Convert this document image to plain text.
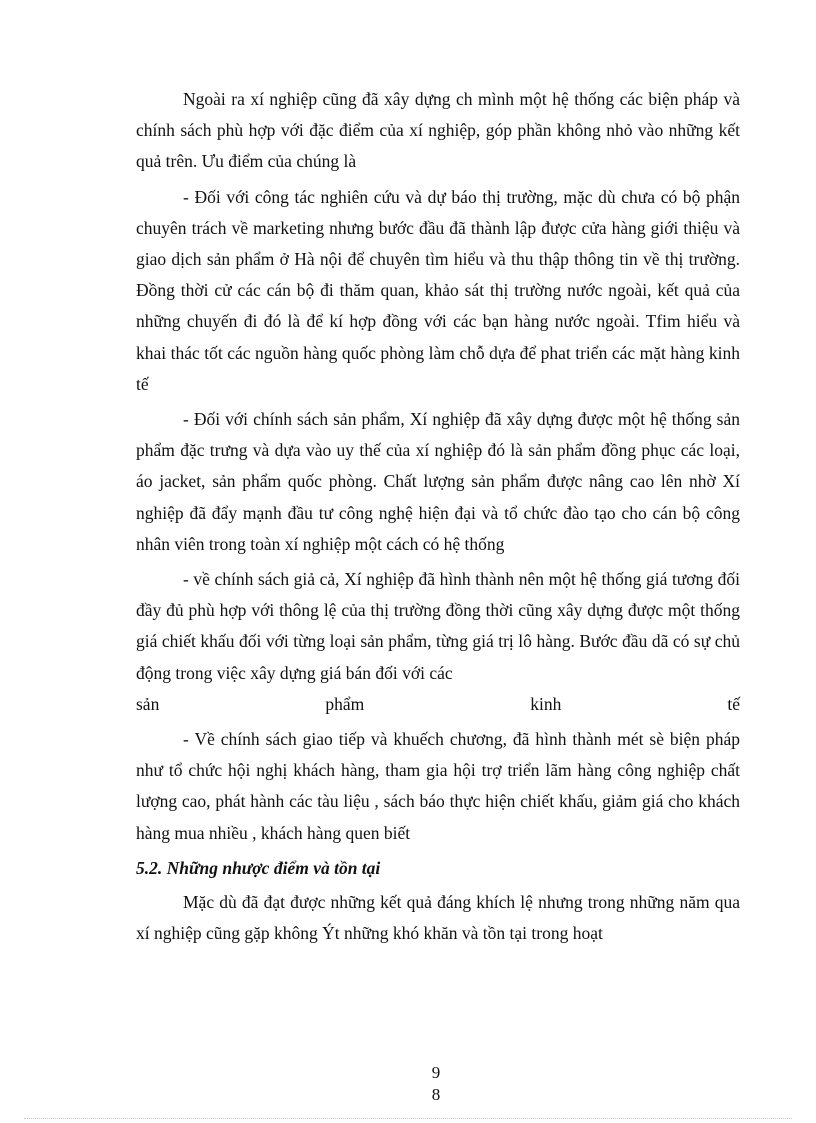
Ngoài ra xí nghiệp cũng đã xây dựng ch mình một hệ thống các biện pháp và chính sách phù hợp với đặc điểm của xí nghiệp, góp phần không nhỏ vào những kết quả trên. Ưu điểm của chúng là

- Đối với công tác nghiên cứu và dự báo thị trường, mặc dù chưa có bộ phận chuyên trách về marketing nhưng bước đầu đã thành lập được cửa hàng giới thiệu và giao dịch sản phẩm ở Hà nội để chuyên tìm hiểu và thu thập thông tin về thị trường. Đồng thời cử các cán bộ đi thăm quan, khảo sát thị trường nước ngoài, kết quả của những chuyến đi đó là để kí hợp đồng với các bạn hàng nước ngoài. Tfim hiểu và khai thác tốt các nguồn hàng quốc phòng làm chỗ dựa để phat triển các mặt hàng kinh tế

- Đối với chính sách sản phẩm, Xí nghiệp đã xây dựng được một hệ thống sản phẩm đặc trưng và dựa vào uy thế của xí nghiệp đó là sản phẩm đồng phục các loại, áo jacket, sản phẩm quốc phòng. Chất lượng sản phẩm được nâng cao lên nhờ Xí nghiệp đã đẩy mạnh đầu tư công nghệ hiện đại và tổ chức đào tạo cho cán bộ công nhân viên trong toàn xí nghiệp một cách có hệ thống

- về chính sách giả cả, Xí nghiệp đã hình thành nên một hệ thống giá tương đối đầy đủ phù hợp với thông lệ của thị trường đồng thời cũng xây dựng được một thống giá chiết khấu đối với từng loại sản phẩm, từng giá trị lô hàng. Bước đầu dã có sự chủ động trong việc xây dựng giá bán đối với các

sản	phẩm	kinh	tế

- Về chính sách giao tiếp và khuếch chương, đã hình thành mét sè biện pháp như tổ chức hội nghị khách hàng, tham gia hội trợ triển lãm hàng công nghiệp chất lượng cao, phát hành các tàu liệu , sách báo thực hiện chiết khấu, giảm giá cho khách hàng mua nhiều , khách hàng quen biết

5.2. Những nhược điểm và tồn tại

Mặc dù đã đạt được những kết quả đáng khích lệ nhưng trong những năm qua xí nghiệp cũng gặp không Ýt những khó khăn và tồn tại trong hoạt

9
8
